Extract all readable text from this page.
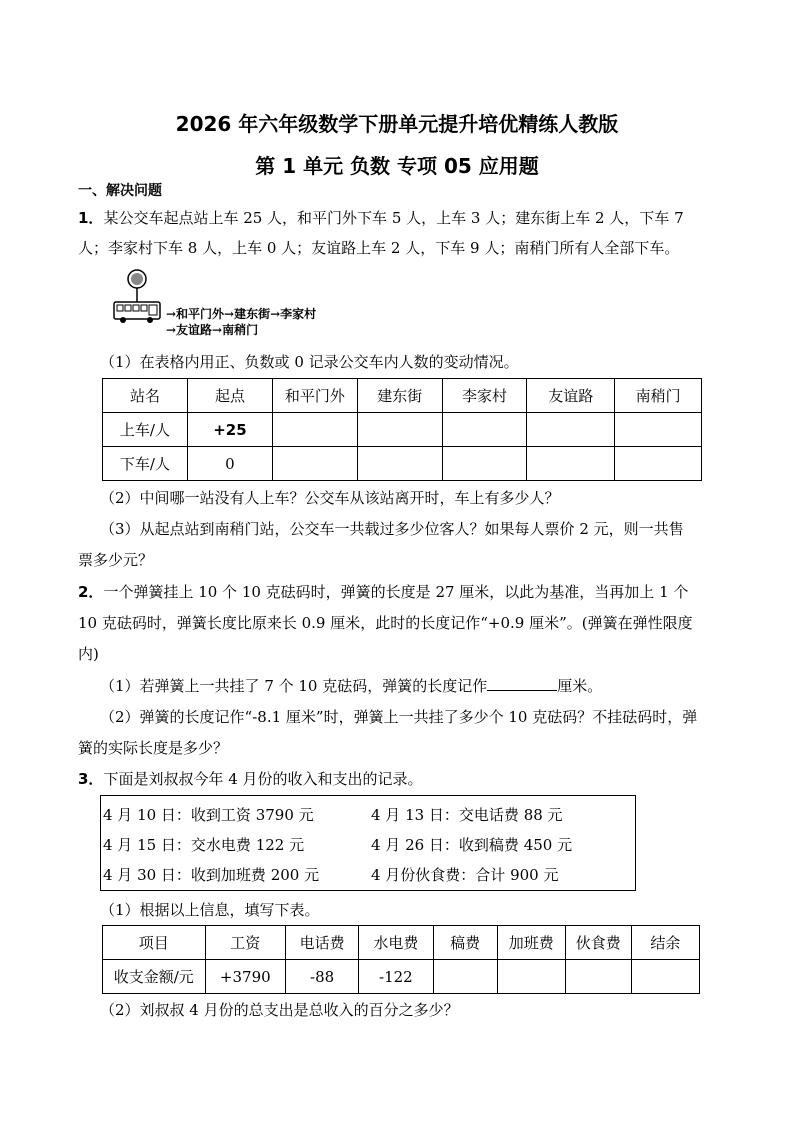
2026 年六年级数学下册单元提升培优精练人教版
第 1 单元 负数 专项 05 应用题
一、解决问题
1．某公交车起点站上车 25 人，和平门外下车 5 人，上车 3 人；建东街上车 2 人，下车 7
人；李家村下车 8 人，上车 0 人；友谊路上车 2 人，下车 9 人；南稍门所有人全部下车。
→和平门外→建东街→李家村
→友谊路→南稍门
（1）在表格内用正、负数或 0 记录公交车内人数的变动情况。
站名	起点	和平门外	建东街	李家村	友谊路	南稍门
上车/人	+25					
下车/人	0					
（2）中间哪一站没有人上车？公交车从该站离开时，车上有多少人？
（3）从起点站到南稍门站，公交车一共载过多少位客人？如果每人票价 2 元，则一共售
票多少元？
2．一个弹簧挂上 10 个 10 克砝码时，弹簧的长度是 27 厘米，以此为基准，当再加上 1 个
10 克砝码时，弹簧长度比原来长 0.9 厘米，此时的长度记作“+0.9 厘米”。(弹簧在弹性限度
内)
（1）若弹簧上一共挂了 7 个 10 克砝码，弹簧的长度记作	厘米。
（2）弹簧的长度记作“-8.1 厘米”时，弹簧上一共挂了多少个 10 克砝码？不挂砝码时，弹
簧的实际长度是多少？
3．下面是刘叔叔今年 4 月份的收入和支出的记录。
4 月 10 日：收到工资 3790 元	4 月 13 日：交电话费 88 元
4 月 15 日：交水电费 122 元	4 月 26 日：收到稿费 450 元
4 月 30 日：收到加班费 200 元	4 月份伙食费：合计 900 元
（1）根据以上信息，填写下表。
项目	工资	电话费	水电费	稿费	加班费	伙食费	结余
收支金额/元	+3790	-88	-122				
（2）刘叔叔 4 月份的总支出是总收入的百分之多少？
